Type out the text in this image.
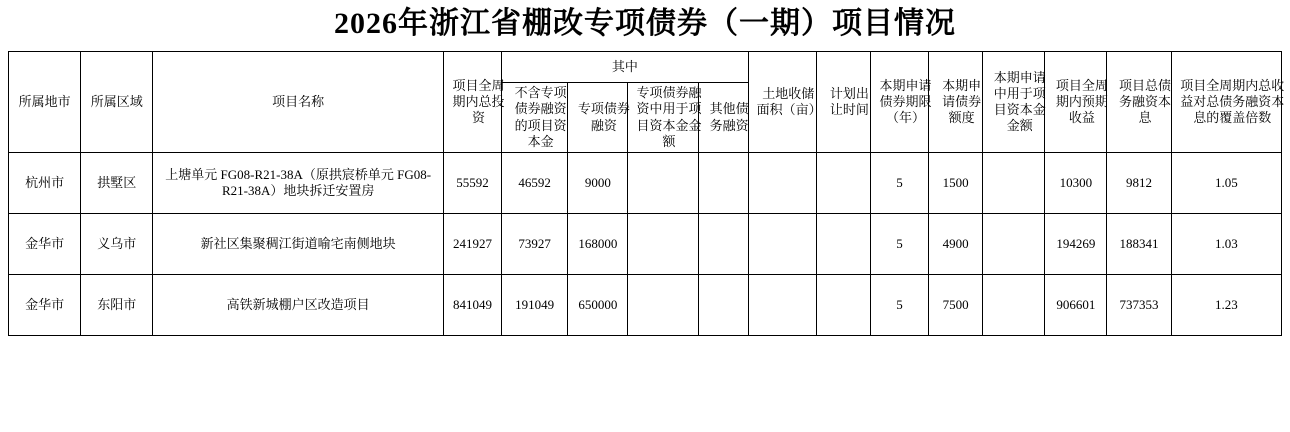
2026年浙江省棚改专项债券（一期）项目情况
所属地市	所属区域	项目名称	项目全周期内总投资	其中				土地收储面积（亩）	计划出让时间	本期申请债券期限（年）	本期申请债券额度	本期申请中用于项目资本金金额	项目全周期内预期收益	项目总债务融资本息	项目全周期内总收益对总债务融资本息的覆盖倍数

				不含专项债券融资的项目资本金	专项债券融资	专项债券融资中用于项目资本金金额	其他债务融资								

杭州市	拱墅区	上塘单元 FG08-R21-38A（原拱宸桥单元 FG08-R21-38A）地块拆迁安置房	55592	46592	9000					5	1500		10300	9812	1.05
金华市	义乌市	新社区集聚稠江街道喻宅南侧地块	241927	73927	168000					5	4900		194269	188341	1.03
金华市	东阳市	高铁新城棚户区改造项目	841049	191049	650000					5	7500		906601	737353	1.23
